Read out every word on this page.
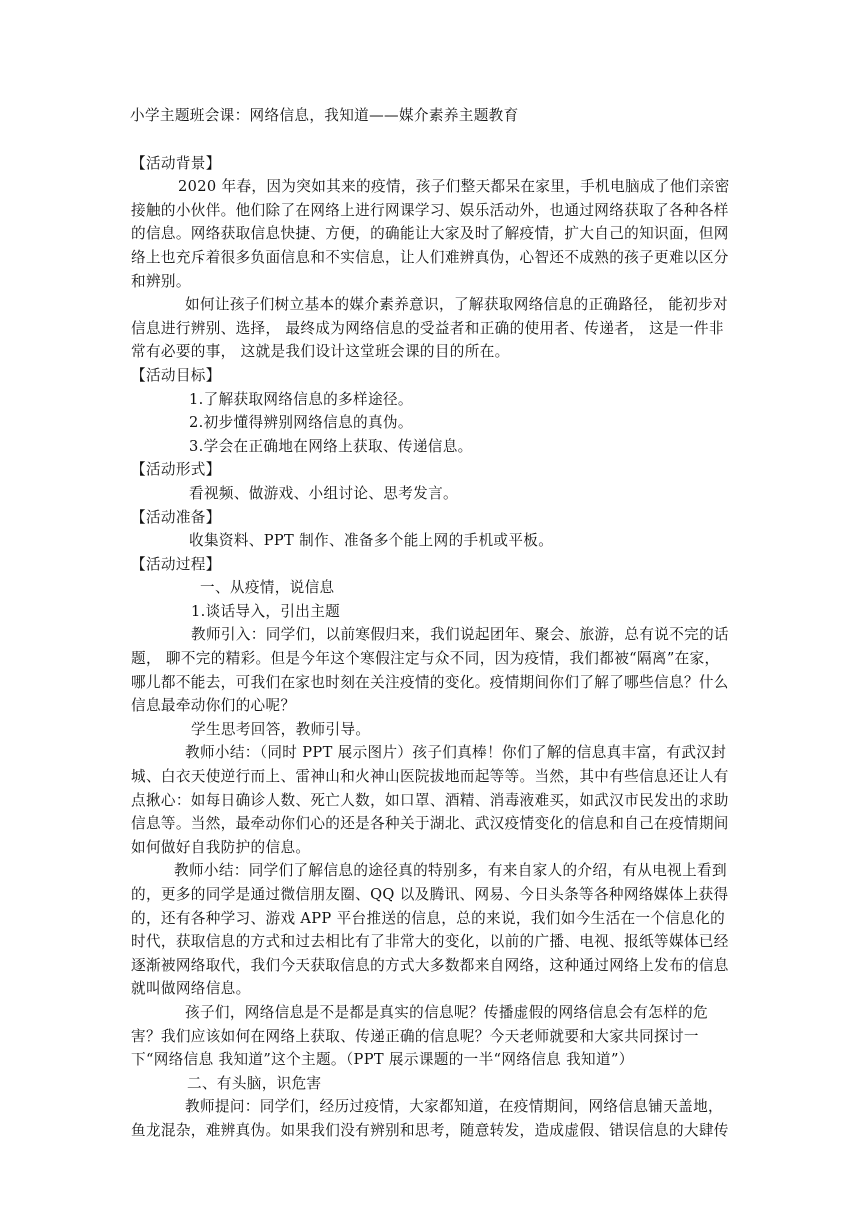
小学主题班会课：网络信息，我知道——媒介素养主题教育

【活动背景】

2020 年春，因为突如其来的疫情，孩子们整天都呆在家里，手机电脑成了他们亲密接触的小伙伴。他们除了在网络上进行网课学习、娱乐活动外，也通过网络获取了各种各样的信息。网络获取信息快捷、方便，的确能让大家及时了解疫情，扩大自己的知识面，但网络上也充斥着很多负面信息和不实信息，让人们难辨真伪，心智还不成熟的孩子更难以区分和辨别。

如何让孩子们树立基本的媒介素养意识，了解获取网络信息的正确路径， 能初步对信息进行辨别、选择， 最终成为网络信息的受益者和正确的使用者、传递者， 这是一件非常有必要的事， 这就是我们设计这堂班会课的目的所在。

【活动目标】

1.了解获取网络信息的多样途径。

2.初步懂得辨别网络信息的真伪。

3.学会在正确地在网络上获取、传递信息。

【活动形式】

看视频、做游戏、小组讨论、思考发言。

【活动准备】

收集资料、PPT 制作、准备多个能上网的手机或平板。

【活动过程】

一、从疫情，说信息

1.谈话导入，引出主题

教师引入：同学们，以前寒假归来，我们说起团年、聚会、旅游，总有说不完的话题， 聊不完的精彩。但是今年这个寒假注定与众不同，因为疫情，我们都被“隔离”在家，哪儿都不能去，可我们在家也时刻在关注疫情的变化。疫情期间你们了解了哪些信息？什么信息最牵动你们的心呢？

学生思考回答，教师引导。

教师小结：（同时 PPT 展示图片）孩子们真棒！你们了解的信息真丰富，有武汉封城、白衣天使逆行而上、雷神山和火神山医院拔地而起等等。当然，其中有些信息还让人有点揪心：如每日确诊人数、死亡人数，如口罩、酒精、消毒液难买，如武汉市民发出的求助信息等。当然，最牵动你们心的还是各种关于湖北、武汉疫情变化的信息和自己在疫情期间如何做好自我防护的信息。

教师小结：同学们了解信息的途径真的特别多，有来自家人的介绍，有从电视上看到的，更多的同学是通过微信朋友圈、QQ 以及腾讯、网易、今日头条等各种网络媒体上获得的，还有各种学习、游戏 APP 平台推送的信息，总的来说，我们如今生活在一个信息化的时代，获取信息的方式和过去相比有了非常大的变化，以前的广播、电视、报纸等媒体已经逐渐被网络取代，我们今天获取信息的方式大多数都来自网络，这种通过网络上发布的信息就叫做网络信息。

孩子们，网络信息是不是都是真实的信息呢？传播虚假的网络信息会有怎样的危害？我们应该如何在网络上获取、传递正确的信息呢？今天老师就要和大家共同探讨一下“网络信息 我知道”这个主题。（PPT 展示课题的一半“网络信息 我知道”）

二、有头脑，识危害

教师提问：同学们，经历过疫情，大家都知道，在疫情期间，网络信息铺天盖地，鱼龙混杂，难辨真伪。如果我们没有辨别和思考，随意转发，造成虚假、错误信息的大肆传
